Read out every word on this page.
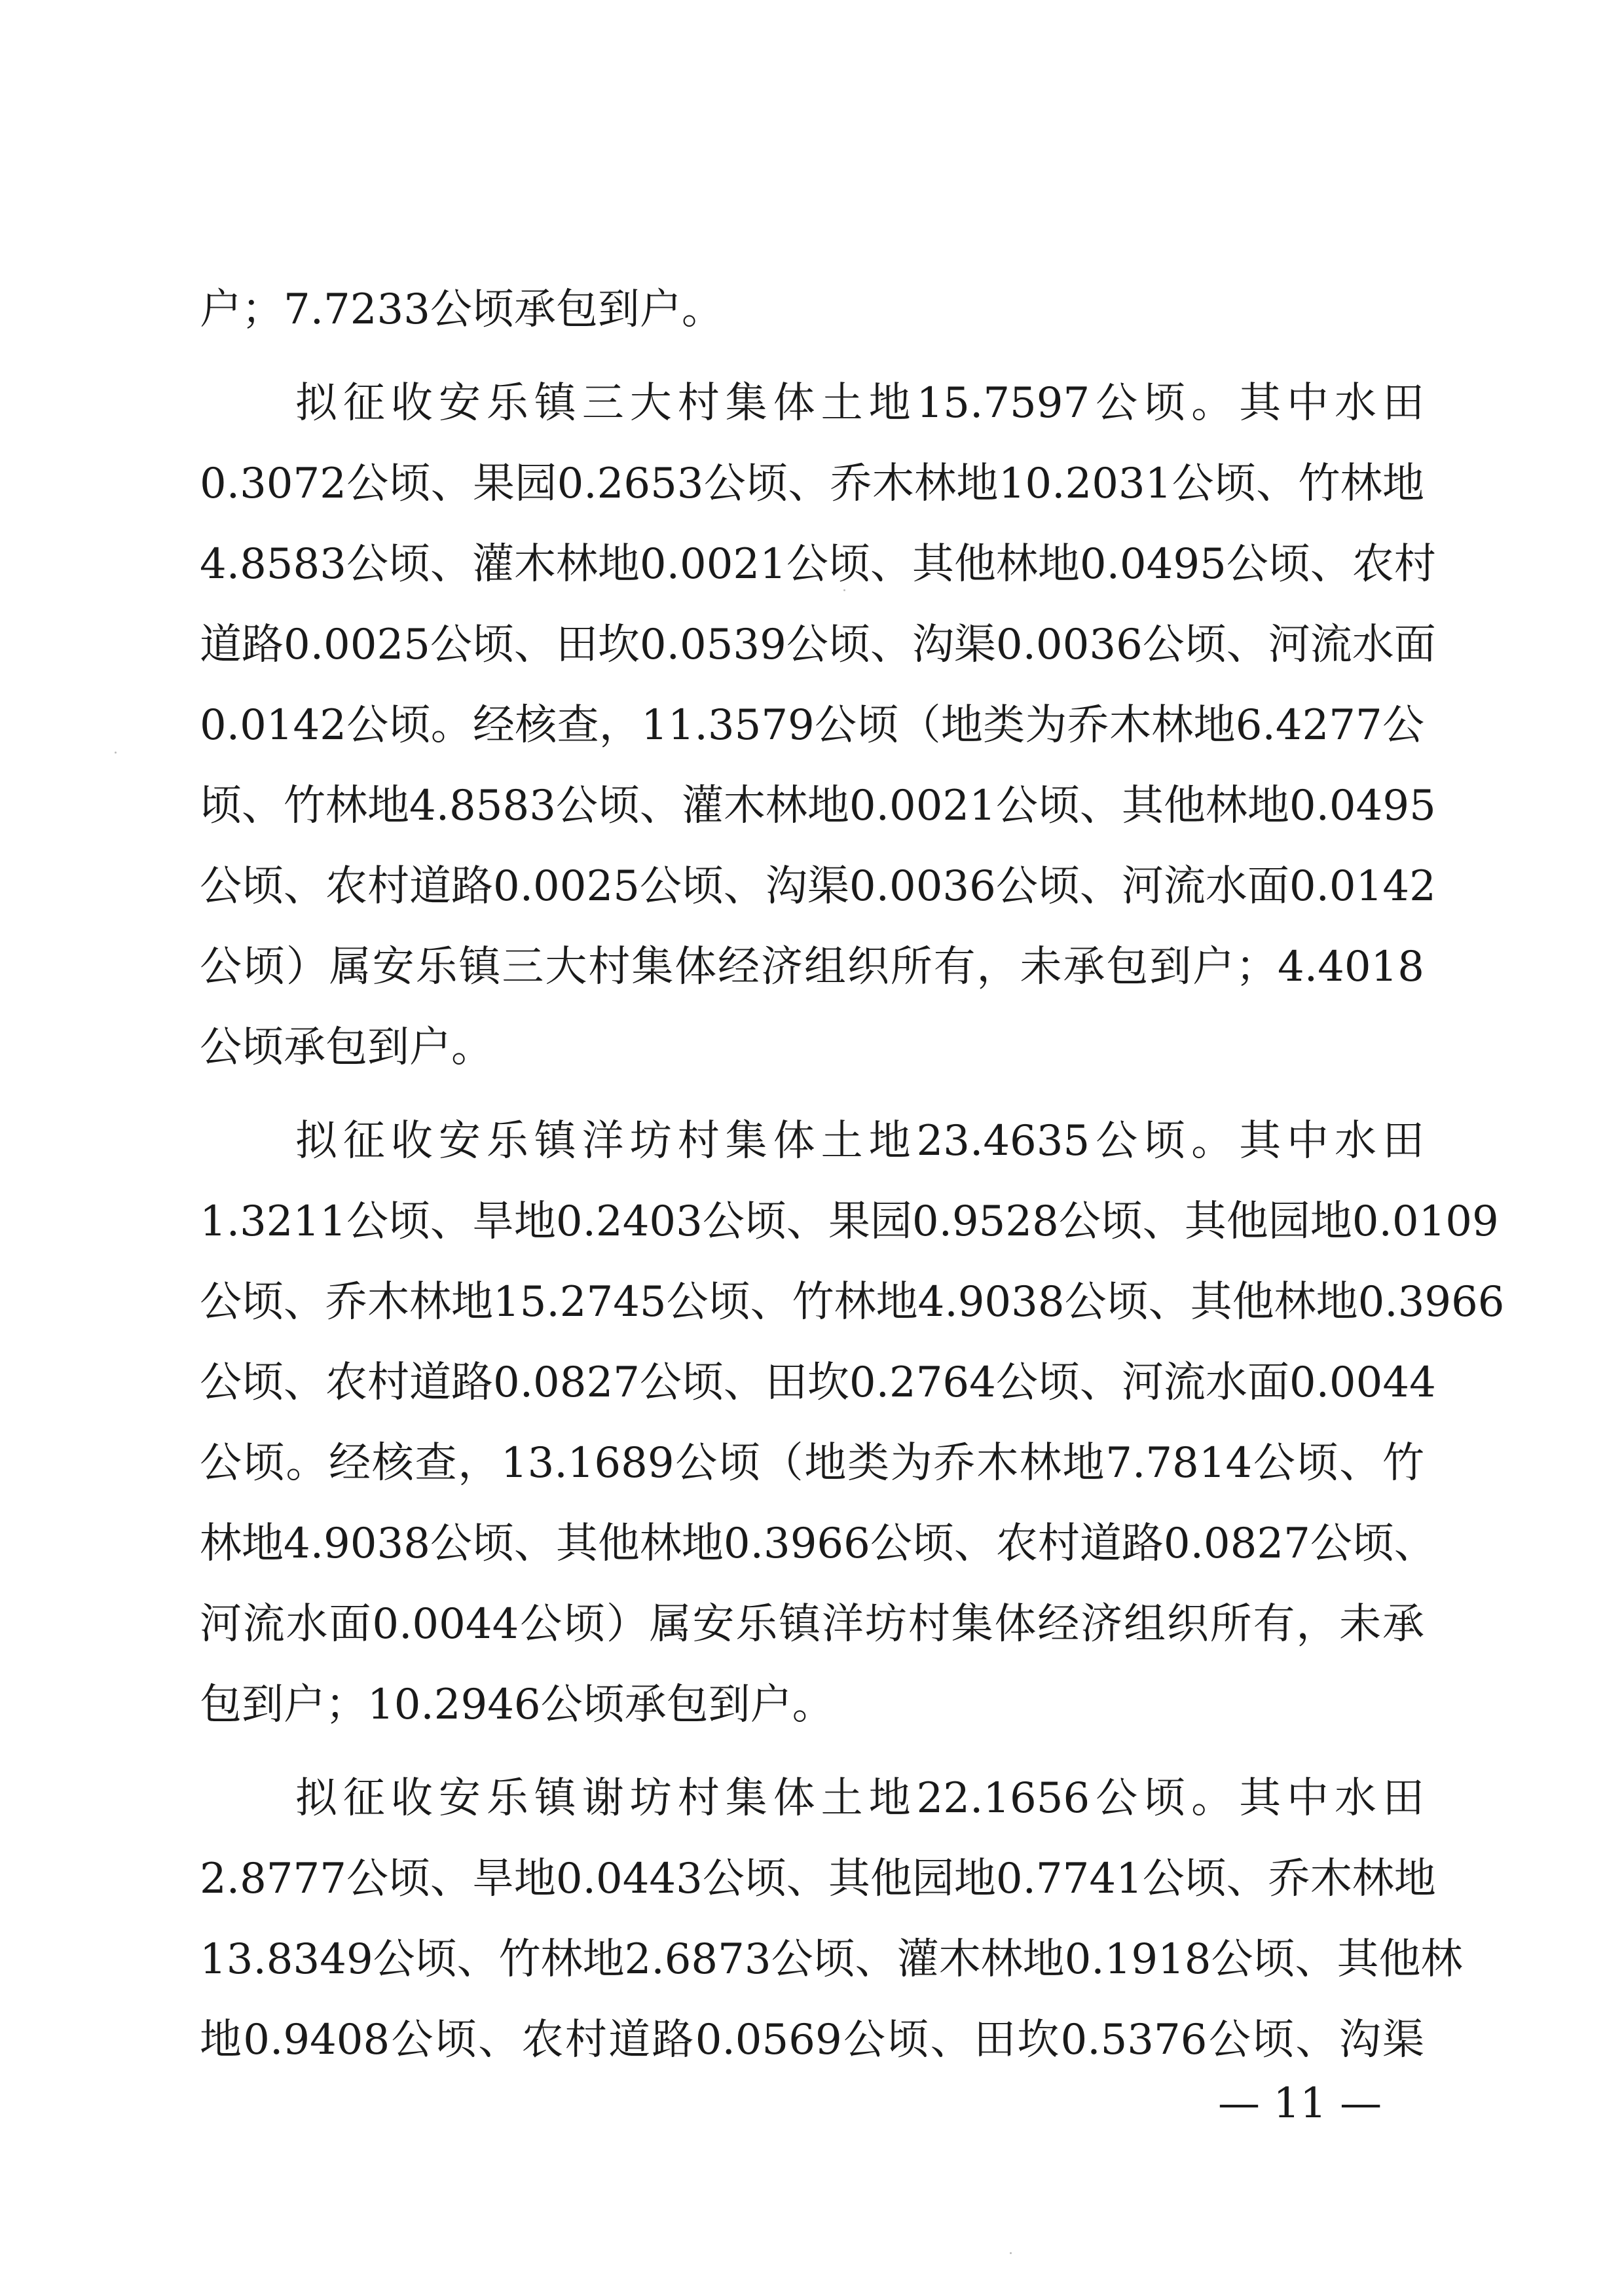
户；7.7233公顷承包到户。
　　拟征收安乐镇三大村集体土地15.7597公顷。其中水田
0.3072公顷、果园0.2653公顷、乔木林地10.2031公顷、竹林地
4.8583公顷、灌木林地0.0021公顷、其他林地0.0495公顷、农村
道路0.0025公顷、田坎0.0539公顷、沟渠0.0036公顷、河流水面
0.0142公顷。经核查，11.3579公顷（地类为乔木林地6.4277公
顷、竹林地4.8583公顷、灌木林地0.0021公顷、其他林地0.0495
公顷、农村道路0.0025公顷、沟渠0.0036公顷、河流水面0.0142
公顷）属安乐镇三大村集体经济组织所有，未承包到户；4.4018
公顷承包到户。
　　拟征收安乐镇洋坊村集体土地23.4635公顷。其中水田
1.3211公顷、旱地0.2403公顷、果园0.9528公顷、其他园地0.0109
公顷、乔木林地15.2745公顷、竹林地4.9038公顷、其他林地0.3966
公顷、农村道路0.0827公顷、田坎0.2764公顷、河流水面0.0044
公顷。经核查，13.1689公顷（地类为乔木林地7.7814公顷、竹
林地4.9038公顷、其他林地0.3966公顷、农村道路0.0827公顷、
河流水面0.0044公顷）属安乐镇洋坊村集体经济组织所有，未承
包到户；10.2946公顷承包到户。
　　拟征收安乐镇谢坊村集体土地22.1656公顷。其中水田
2.8777公顷、旱地0.0443公顷、其他园地0.7741公顷、乔木林地
13.8349公顷、竹林地2.6873公顷、灌木林地0.1918公顷、其他林
地0.9408公顷、农村道路0.0569公顷、田坎0.5376公顷、沟渠
— 11 —
